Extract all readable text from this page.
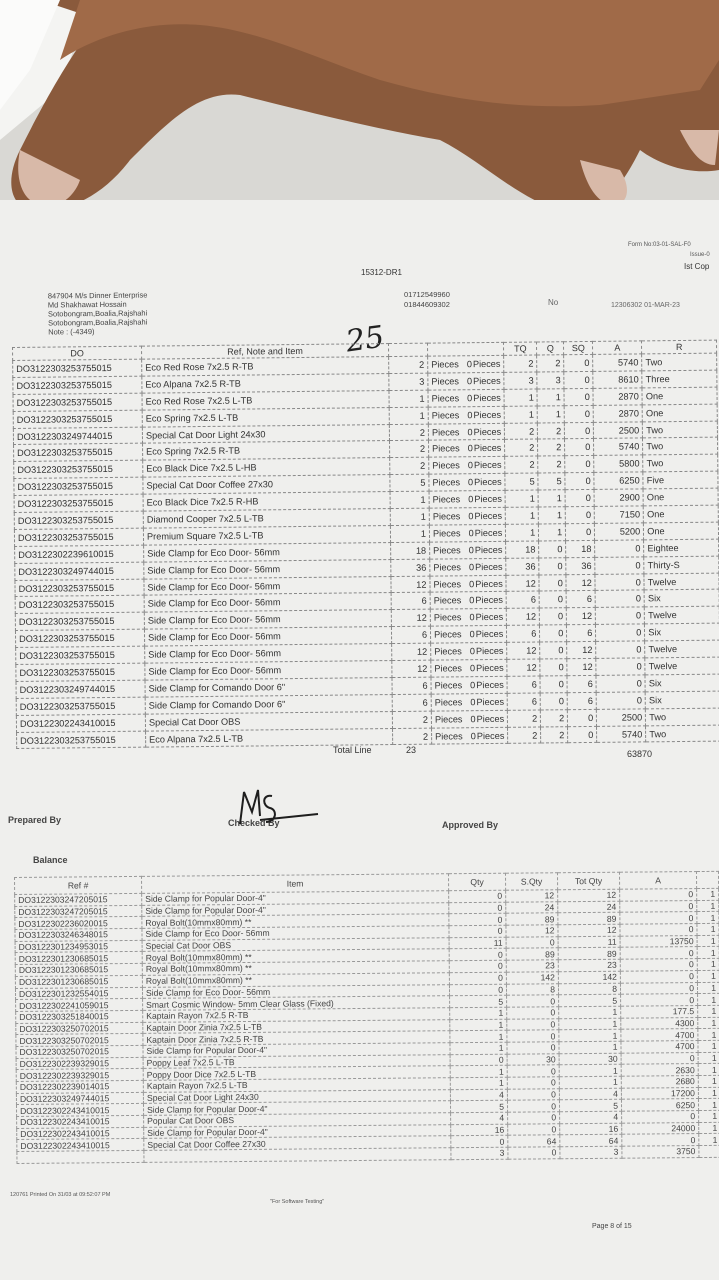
Form No:03-01-SAL-F0
Issue-0
Ist Cop
15312-DR1
847904 M/s Dinner Enterprise
Md Shakhawat Hossain
Sotobongram,Boalia,Rajshahi
Sotobongram,Boalia,Rajshahi
Note : (-4349)
01712549960
01844609302	No	12306302 01-MAR-23
25
DO	Ref, Note and Item			TQ	Q	SQ	A	R
DO3122303253755015	Eco Red Rose 7x2.5 R-TB	2	Pieces 0Pieces	2	2	0	5740	Two
DO3122303253755015	Eco Alpana 7x2.5 R-TB	3	Pieces 0Pieces	3	3	0	8610	Three
DO3122303253755015	Eco Red Rose 7x2.5 L-TB	1	Pieces 0Pieces	1	1	0	2870	One
DO3122303253755015	Eco Spring 7x2.5 L-TB	1	Pieces 0Pieces	1	1	0	2870	One
DO3122303249744015	Special Cat Door Light 24x30	2	Pieces 0Pieces	2	2	0	2500	Two
DO3122303253755015	Eco Spring 7x2.5 R-TB	2	Pieces 0Pieces	2	2	0	5740	Two
DO3122303253755015	Eco Black Dice 7x2.5 L-HB	2	Pieces 0Pieces	2	2	0	5800	Two
DO3122303253755015	Special Cat Door Coffee 27x30	5	Pieces 0Pieces	5	5	0	6250	Five
DO3122303253755015	Eco Black Dice 7x2.5 R-HB	1	Pieces 0Pieces	1	1	0	2900	One
DO3122303253755015	Diamond Cooper 7x2.5 L-TB	1	Pieces 0Pieces	1	1	0	7150	One
DO3122303253755015	Premium Square 7x2.5 L-TB	1	Pieces 0Pieces	1	1	0	5200	One
DO3122302239610015	Side Clamp for Eco Door- 56mm	18	Pieces 0Pieces	18	0	18	0	Eightee
DO3122303249744015	Side Clamp for Eco Door- 56mm	36	Pieces 0Pieces	36	0	36	0	Thirty-S
DO3122303253755015	Side Clamp for Eco Door- 56mm	12	Pieces 0Pieces	12	0	12	0	Twelve
DO3122303253755015	Side Clamp for Eco Door- 56mm	6	Pieces 0Pieces	6	0	6	0	Six
DO3122303253755015	Side Clamp for Eco Door- 56mm	12	Pieces 0Pieces	12	0	12	0	Twelve
DO3122303253755015	Side Clamp for Eco Door- 56mm	6	Pieces 0Pieces	6	0	6	0	Six
DO3122303253755015	Side Clamp for Eco Door- 56mm	12	Pieces 0Pieces	12	0	12	0	Twelve
DO3122303253755015	Side Clamp for Eco Door- 56mm	12	Pieces 0Pieces	12	0	12	0	Twelve
DO3122303249744015	Side Clamp for Comando Door 6"	6	Pieces 0Pieces	6	0	6	0	Six
DO3122303253755015	Side Clamp for Comando Door 6"	6	Pieces 0Pieces	6	0	6	0	Six
DO3122302243410015	Special Cat Door OBS	2	Pieces 0Pieces	2	2	0	2500	Two
DO3122303253755015	Eco Alpana 7x2.5 L-TB	2	Pieces 0Pieces	2	2	0	5740	Two
Total Line	23	63870
Prepared By	Checked By	Approved By
Balance
Ref #	Item	Qty	S.Qty	Tot Qty	A	
DO3122303247205015	Side Clamp for Popular Door-4"	0	12	12	0	1
DO3122303247205015	Side Clamp for Popular Door-4"	0	24	24	0	1
DO3122302236020015	Royal Bolt(10mmx80mm) **	0	89	89	0	1
DO3122303246348015	Side Clamp for Eco Door- 56mm	0	12	12	0	1
DO3122301234953015	Special Cat Door OBS	11	0	11	13750	1
DO3122301230685015	Royal Bolt(10mmx80mm) **	0	89	89	0	1
DO3122301230685015	Royal Bolt(10mmx80mm) **	0	23	23	0	1
DO3122301230685015	Royal Bolt(10mmx80mm) **	0	142	142	0	1
DO3122301232554015	Side Clamp for Eco Door- 56mm	0	8	8	0	1
DO3122302241059015	Smart Cosmic Window- 5mm Clear Glass (Fixed)	5	0	5	0	1
DO3122303251840015	Kaptain Rayon 7x2.5 R-TB	1	0	1	177.5	1
DO3122303250702015	Kaptain Door Zinia 7x2.5 L-TB	1	0	1	4300	1
DO3122303250702015	Kaptain Door Zinia 7x2.5 R-TB	1	0	1	4700	1
DO3122303250702015	Side Clamp for Popular Door-4"	1	0	1	4700	1
DO3122302239329015	Poppy Leaf 7x2.5 L-TB	0	30	30	0	1
DO3122302239329015	Poppy Door Dice 7x2.5 L-TB	1	0	1	2630	1
DO3122302239014015	Kaptain Rayon 7x2.5 L-TB	1	0	1	2680	1
DO3122303249744015	Special Cat Door Light 24x30	4	0	4	17200	1
DO3122302243410015	Side Clamp for Popular Door-4"	5	0	5	6250	1
DO3122302243410015	Popular Cat Door OBS	4	0	4	0	1
DO3122302243410015	Side Clamp for Popular Door-4"	16	0	16	24000	1
DO3122302243410015	Special Cat Door Coffee 27x30	0	64	64	0	1
		3	0	3	3750	
120761 Printed On 31/03 at 09:52:07 PM
"For Software Testing"
Page 8 of 15
